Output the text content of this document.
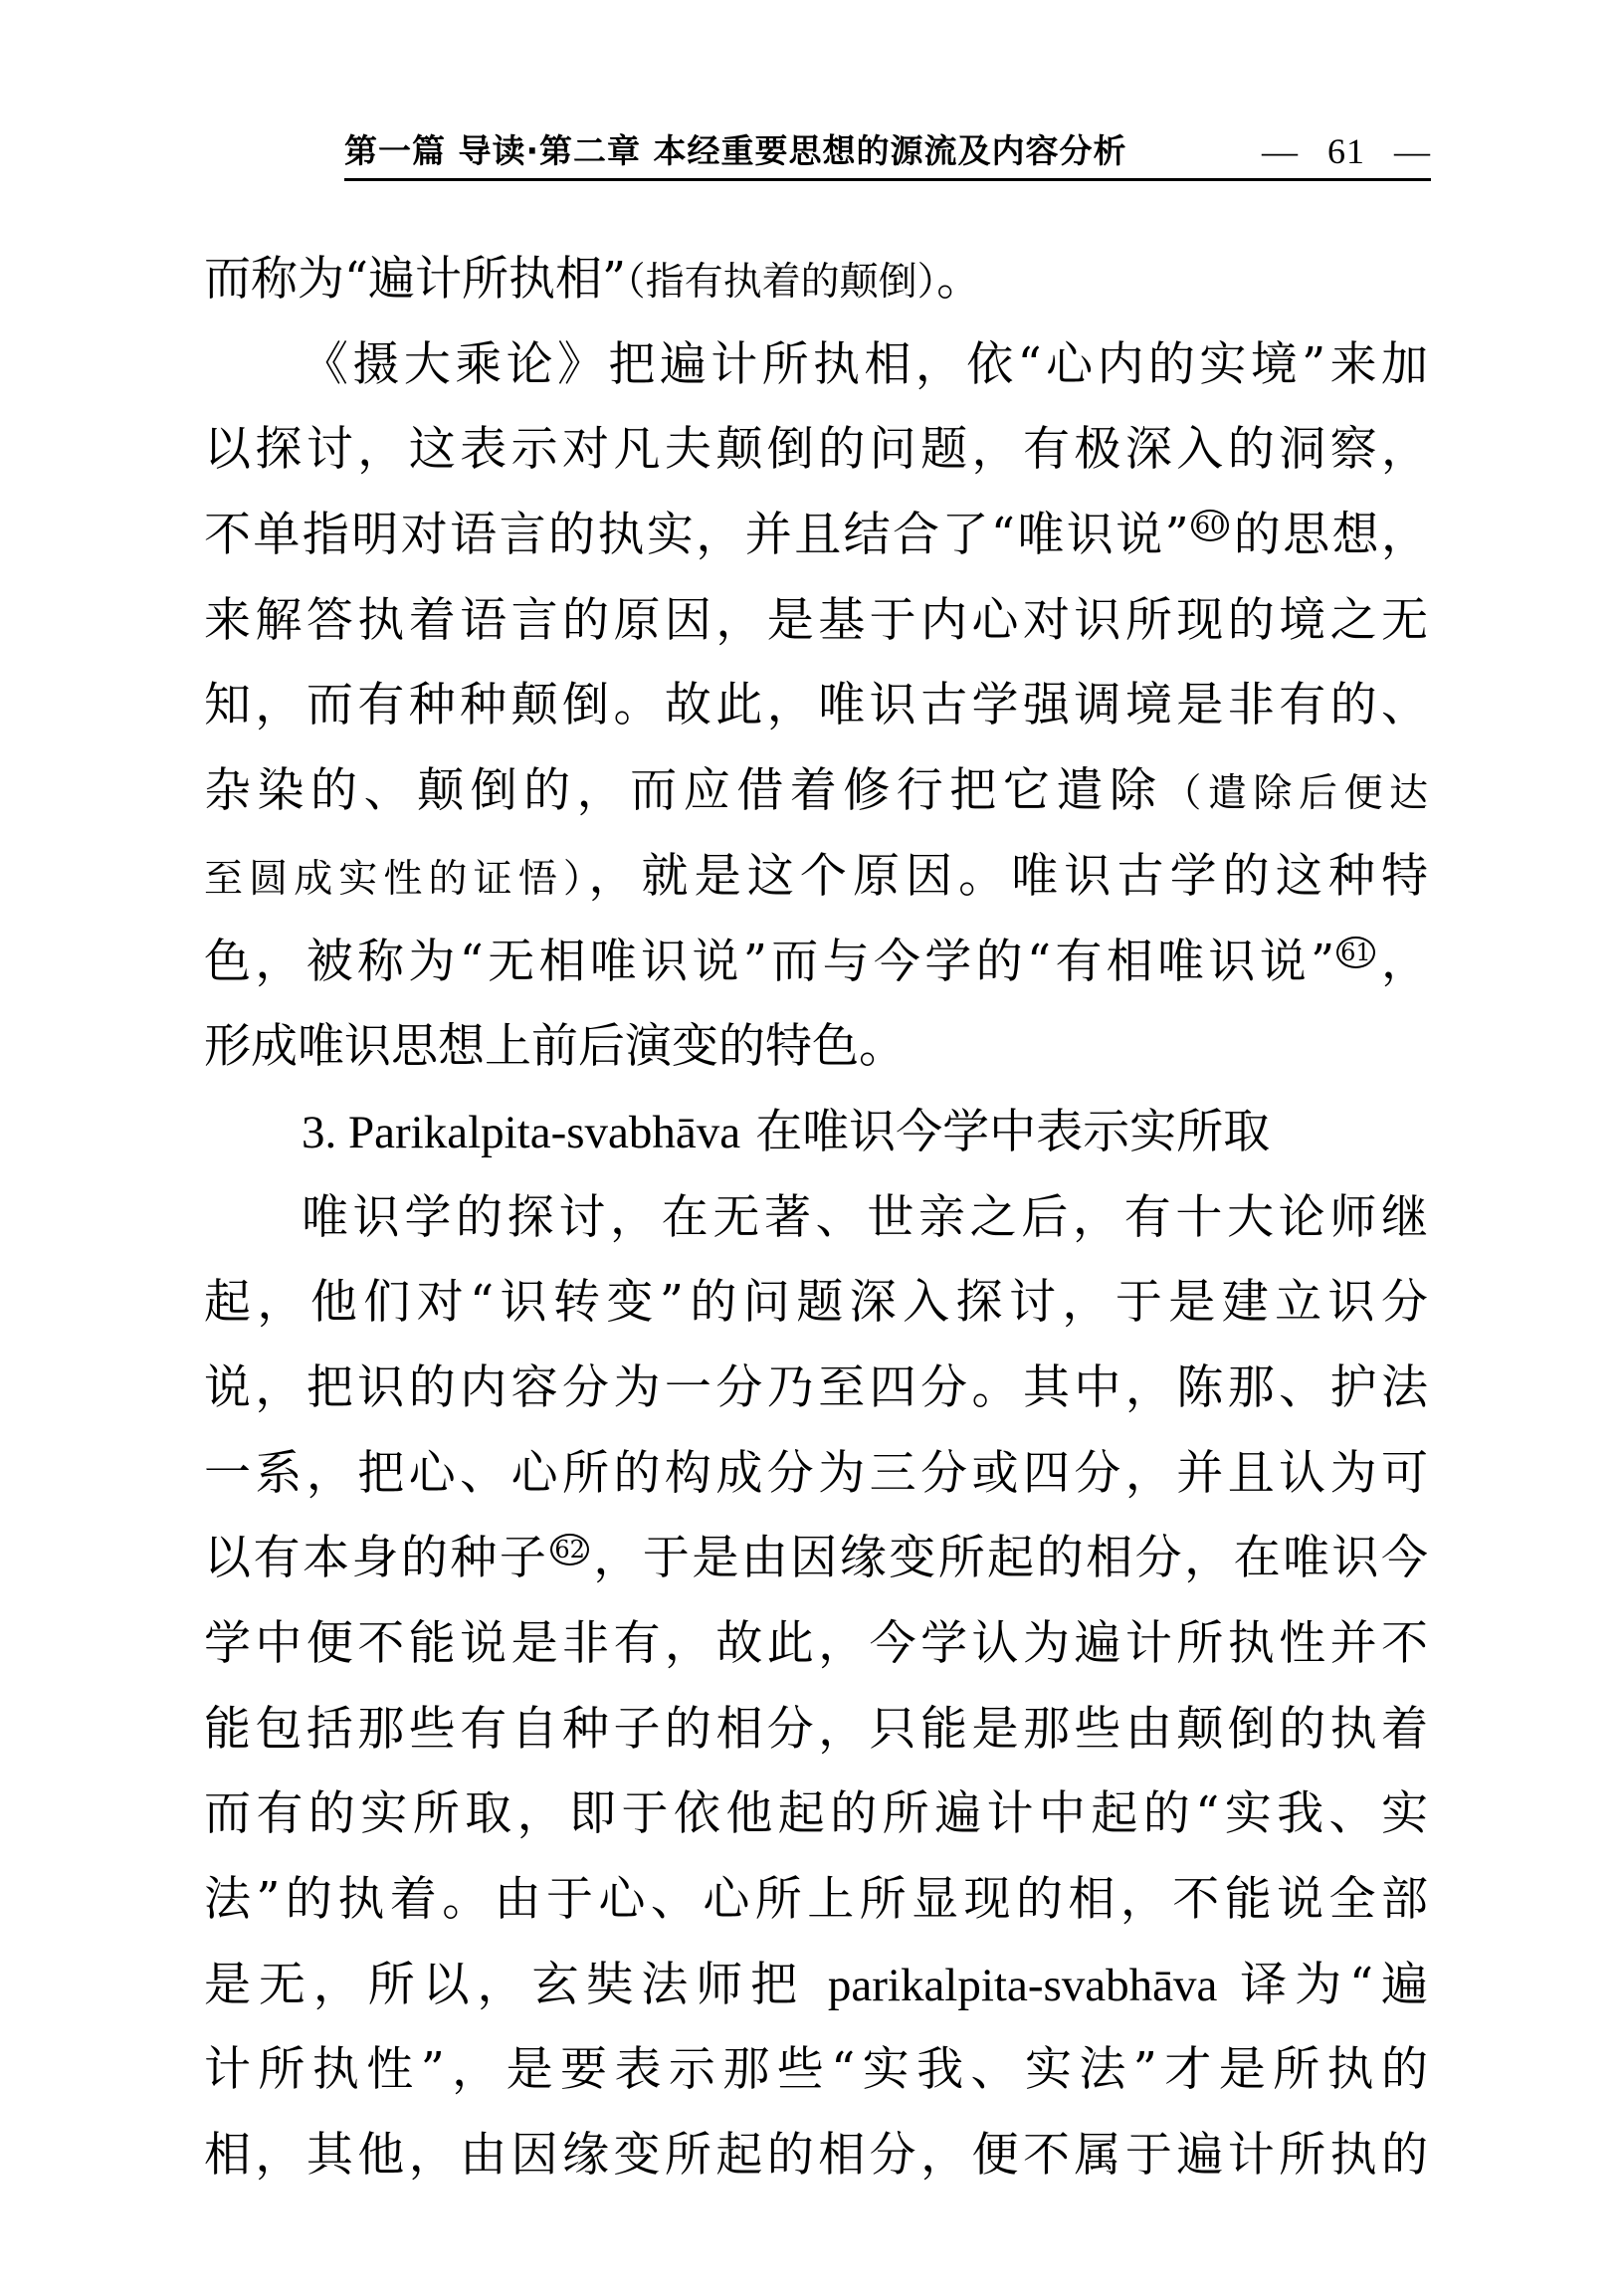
第一篇 导读·第二章 本经重要思想的源流及内容分析	— 61 —
而称为“遍计所执相”（指有执着的颠倒）。
《摄大乘论》把遍计所执相，依“心内的实境”来加
以探讨，这表示对凡夫颠倒的问题，有极深入的洞察，
不单指明对语言的执实，并且结合了“唯识说” $^{60}$ 的思想，
来解答执着语言的原因，是基于内心对识所现的境之无
知，而有种种颠倒。故此，唯识古学强调境是非有的、
杂染的、颠倒的，而应借着修行把它遣除（遣除后便达
至圆成实性的证悟），就是这个原因。唯识古学的这种特
色，被称为“无相唯识说”而与今学的“有相唯识说” $^{61}$ ，
形成唯识思想上前后演变的特色。
3. Parikalpita-svabhāva 在唯识今学中表示实所取
唯识学的探讨，在无著、世亲之后，有十大论师继
起，他们对“识转变”的问题深入探讨，于是建立识分
说，把识的内容分为一分乃至四分。其中，陈那、护法
一系，把心、心所的构成分为三分或四分，并且认为可
以有本身的种子 $^{62}$ ，于是由因缘变所起的相分，在唯识今
学中便不能说是非有，故此，今学认为遍计所执性并不
能包括那些有自种子的相分，只能是那些由颠倒的执着
而有的实所取，即于依他起的所遍计中起的“实我、实
法”的执着。由于心、心所上所显现的相，不能说全部
是无，所以，玄奘法师把 parikalpita-svabhāva 译为“遍
计所执性”，是要表示那些“实我、实法”才是所执的
相，其他，由因缘变所起的相分，便不属于遍计所执的
